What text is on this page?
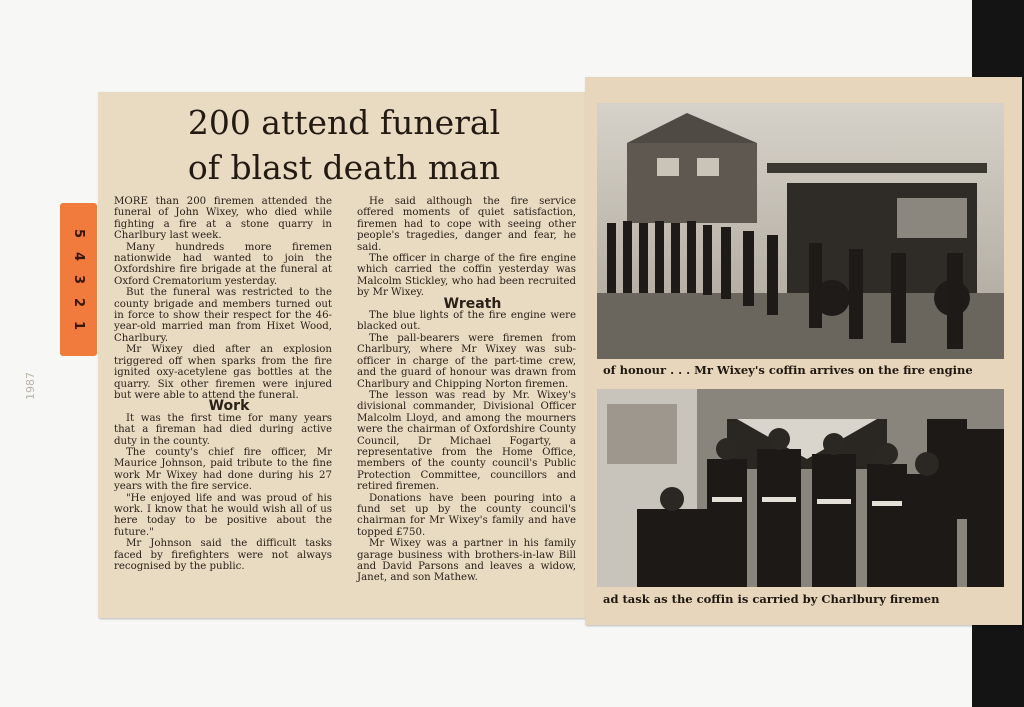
5
4
3
2
1
200 attend funeral
of blast death man

MORE than 200 firemen attended the funeral of John Wixey, who died while fighting a fire at a stone quarry in Charlbury last week.

Many hundreds more firemen nationwide had wanted to join the Oxfordshire fire brigade at the funeral at Oxford Crematorium yesterday.

But the funeral was restricted to the county brigade and members turned out in force to show their respect for the 46-year-old married man from Hixet Wood, Charlbury.

Mr Wixey died after an explosion triggered off when sparks from the fire ignited oxy-acetylene gas bottles at the quarry. Six other firemen were injured but were able to attend the funeral.

Work

It was the first time for many years that a fireman had died during active duty in the county.

The county's chief fire officer, Mr Maurice Johnson, paid tribute to the fine work Mr Wixey had done during his 27 years with the fire service.

"He enjoyed life and was proud of his work. I know that he would wish all of us here today to be positive about the future."

Mr Johnson said the difficult tasks faced by firefighters were not always recognised by the public.

He said although the fire service offered moments of quiet satisfaction, firemen had to cope with seeing other people's tragedies, danger and fear, he said.

The officer in charge of the fire engine which carried the coffin yesterday was Malcolm Stickley, who had been recruited by Mr Wixey.

Wreath

The blue lights of the fire engine were blacked out.

The pall-bearers were firemen from Charlbury, where Mr Wixey was sub-officer in charge of the part-time crew, and the guard of honour was drawn from Charlbury and Chipping Norton firemen.

The lesson was read by Mr. Wixey's divisional commander, Divisional Officer Malcolm Lloyd, and among the mourners were the chairman of Oxfordshire County Council, Dr Michael Fogarty, a representative from the Home Office, members of the county council's Public Protection Committee, councillors and retired firemen.

Donations have been pouring into a fund set up by the county council's chairman for Mr Wixey's family and have topped £750.

Mr Wixey was a partner in his family garage business with brothers-in-law Bill and David Parsons and leaves a widow, Janet, and son Mathew.

of honour . . . Mr Wixey's coffin arrives on the fire engine
ad task as the coffin is carried by Charlbury firemen
1987
